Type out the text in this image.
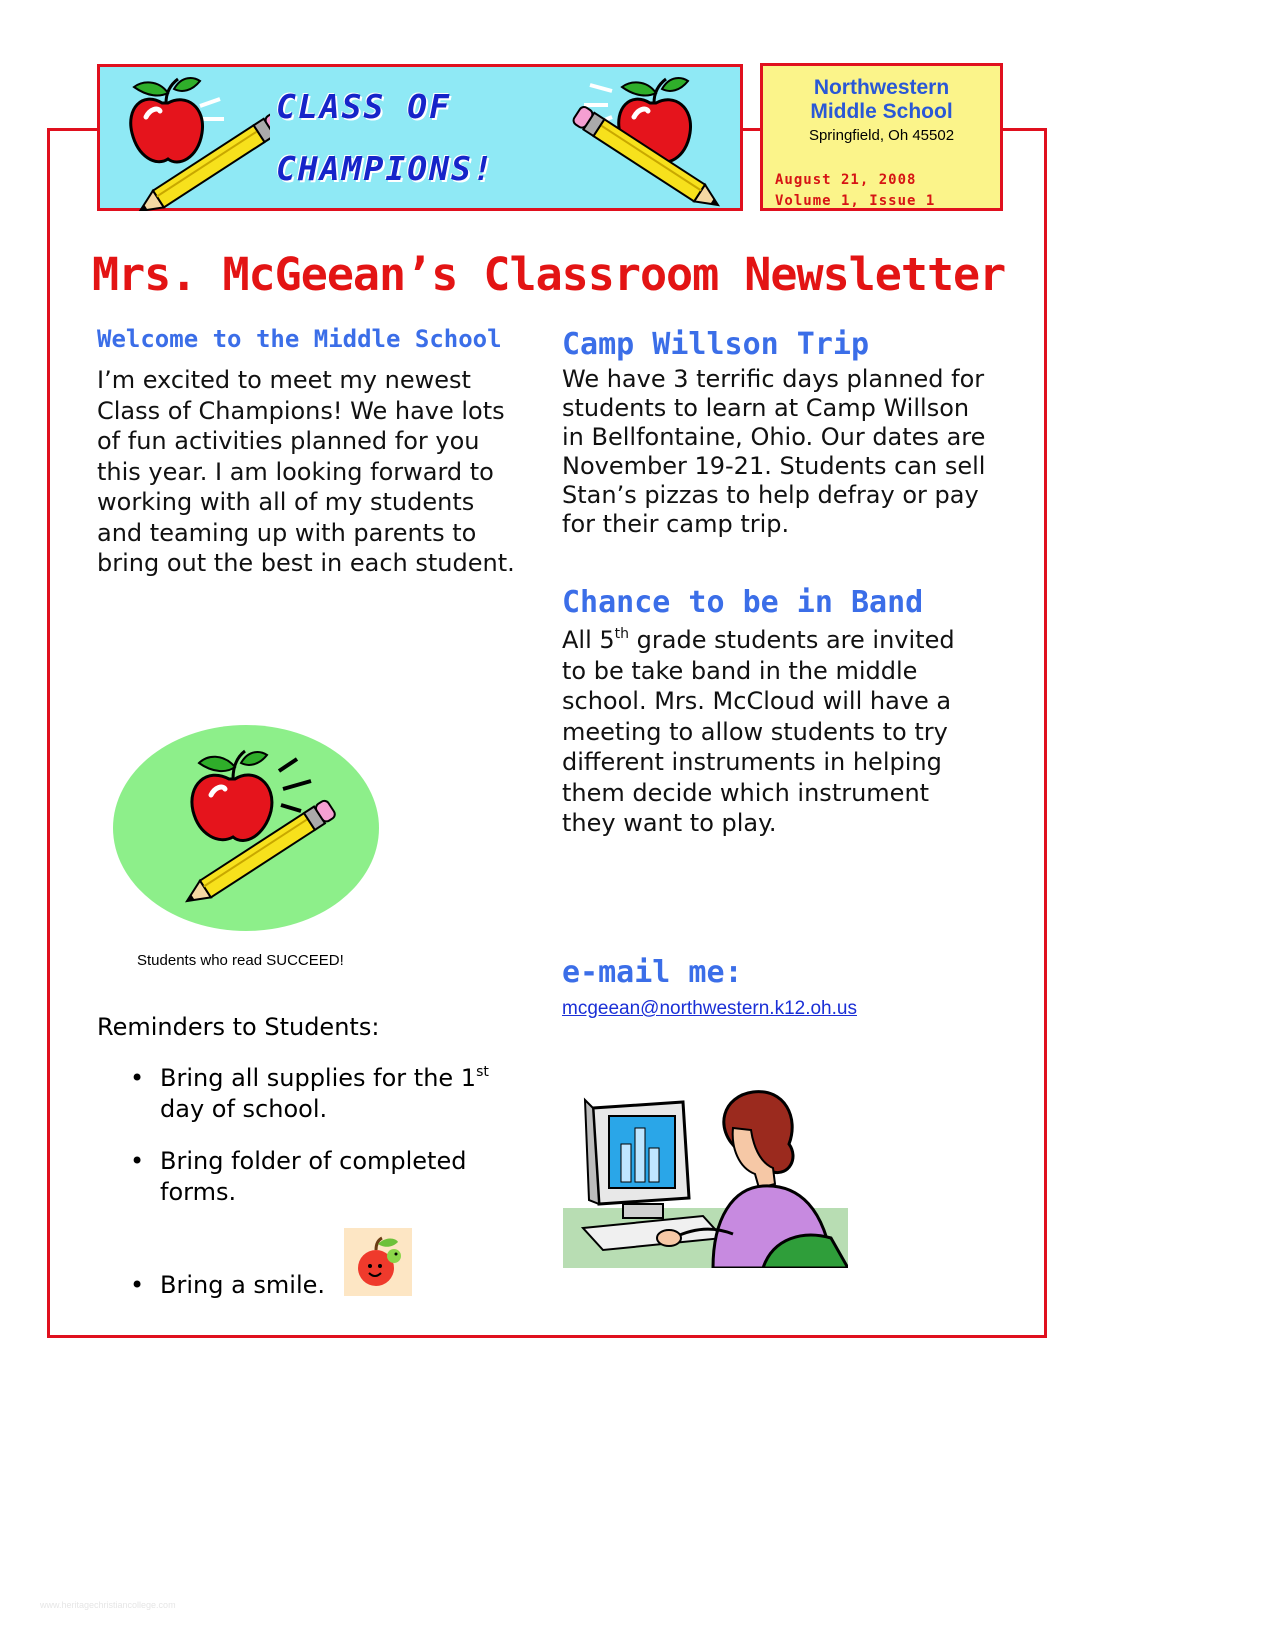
CLASS OF
CHAMPIONS!
Northwestern
Middle School
Springfield, Oh 45502
August 21, 2008
Volume 1, Issue 1
Mrs. McGeean’s Classroom Newsletter
Welcome to the Middle School
I’m excited to meet my newest Class of Champions! We have lots of fun activities planned for you this year. I am looking forward to working with all of my students and teaming up with parents to bring out the best in each student.
Students who read SUCCEED!
Reminders to Students:
• Bring all supplies for the 1st day of school.
• Bring folder of completed forms.
• Bring a smile.
Camp Willson Trip
We have 3 terrific days planned for students to learn at Camp Willson in Bellfontaine, Ohio. Our dates are November 19-21. Students can sell Stan’s pizzas to help defray or pay for their camp trip.
Chance to be in Band
All 5th grade students are invited to be take band in the middle school. Mrs. McCloud will have a meeting to allow students to try different instruments in helping them decide which instrument they want to play.
e-mail me:
mcgeean@northwestern.k12.oh.us
www.heritagechristiancollege.com
